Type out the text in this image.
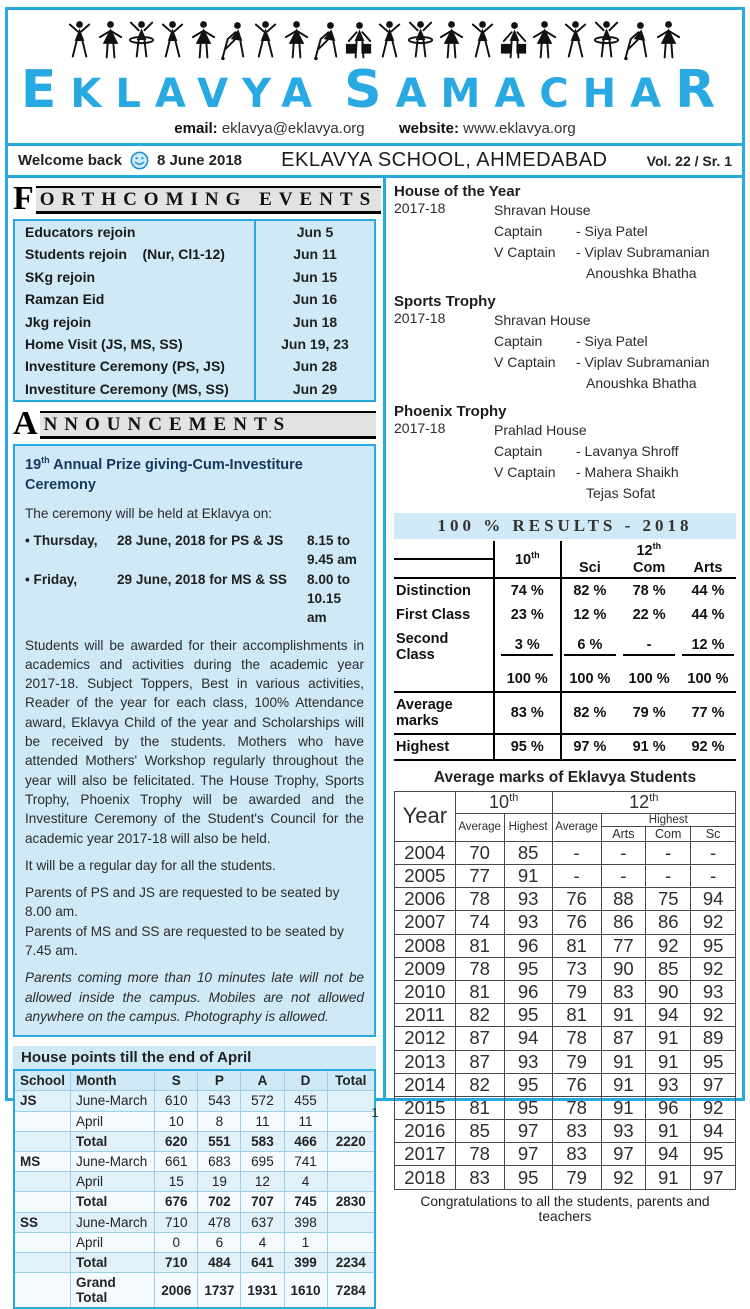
EKLAVYA SAMACHAR
email: eklavya@eklavya.org website: www.eklavya.org
Welcome back 8 June 2018	EKLAVYA SCHOOL, AHMEDABAD	Vol. 22 / Sr. 1
F ORTHCOMING EVENTS
Educators rejoin	Jun 5
Students rejoin    (Nur, Cl1-12)	Jun 11
SKg rejoin	Jun 15
Ramzan Eid	Jun 16
Jkg rejoin	Jun 18
Home Visit (JS, MS, SS)	Jun 19, 23
Investiture Ceremony (PS, JS)	Jun 28
Investiture Ceremony (MS, SS)	Jun 29
A NNOUNCEMENTS
19th Annual Prize giving-Cum-Investiture Ceremony
The ceremony will be held at Eklavya on:
• Thursday,	28 June, 2018 for PS & JS	8.15 to 9.45 am
• Friday,	29 June, 2018 for MS & SS	8.00 to 10.15 am
Students will be awarded for their accomplishments in academics and activities during the academic year 2017-18. Subject Toppers, Best in various activities, Reader of the year for each class, 100% Attendance award, Eklavya Child of the year and Scholarships will be received by the students. Mothers who have attended Mothers' Workshop regularly throughout the year will also be felicitated. The House Trophy, Sports Trophy, Phoenix Trophy will be awarded and the Investiture Ceremony of the Student's Council for the academic year 2017-18 will also be held.
It will be a regular day for all the students.
Parents of PS and JS are requested to be seated by 8.00 am.
Parents of MS and SS are requested to be seated by 7.45 am.
Parents coming more than 10 minutes late will not be allowed inside the campus. Mobiles are not allowed anywhere on the campus. Photography is allowed.
House points till the end of April
School	Month	S	P	A	D	Total
JS	June-March	610	543	572	455	
	April	10	8	11	11	
	Total	620	551	583	466	2220
MS	June-March	661	683	695	741	
	April	15	19	12	4	
	Total	676	702	707	745	2830
SS	June-March	710	478	637	398	
	April	0	6	4	1	
	Total	710	484	641	399	2234
	Grand Total	2006	1737	1931	1610	7284
House of the Year
2017-18	Shravan House
Captain	- Siya Patel
V Captain	- Viplav Subramanian
Anoushka Bhatha
Sports Trophy
2017-18	Shravan House
Captain	- Siya Patel
V Captain	- Viplav Subramanian
Anoushka Bhatha
Phoenix Trophy
2017-18	Prahlad House
Captain	- Lavanya Shroff
V Captain	- Mahera Shaikh
Tejas Sofat
100 % RESULTS - 2018
	10th	12th
		Sci	Com	Arts
Distinction	74 %	82 %	78 %	44 %
First Class	23 %	12 %	22 %	44 %
Second Class	3 %	6 %	-	12 %
	100 %	100 %	100 %	100 %
Average marks	83 %	82 %	79 %	77 %
Highest	95 %	97 %	91 %	92 %
Average marks of Eklavya Students
Year	10th		12th
	Average	Highest	Average	Highest		
				Arts	Com	Sc
2004	70	85	-	-	-	-
2005	77	91	-	-	-	-
2006	78	93	76	88	75	94
2007	74	93	76	86	86	92
2008	81	96	81	77	92	95
2009	78	95	73	90	85	92
2010	81	96	79	83	90	93
2011	82	95	81	91	94	92
2012	87	94	78	87	91	89
2013	87	93	79	91	91	95
2014	82	95	76	91	93	97
2015	81	95	78	91	96	92
2016	85	97	83	93	91	94
2017	78	97	83	97	94	95
2018	83	95	79	92	91	97
Congratulations to all the students, parents and teachers
1
